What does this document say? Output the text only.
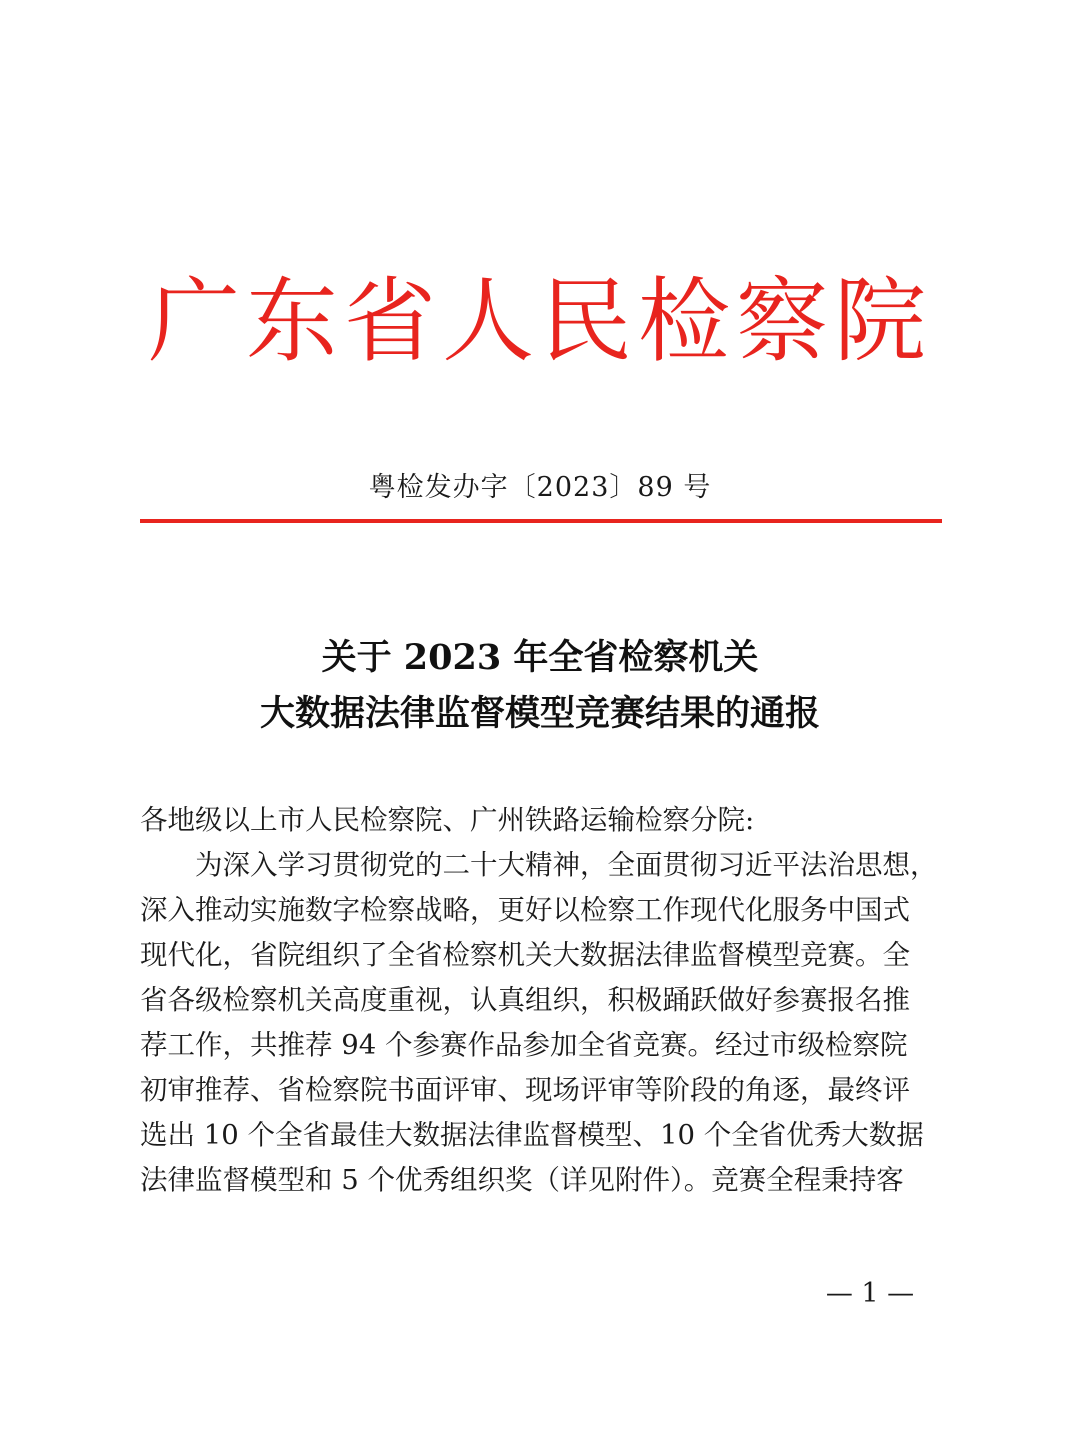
广东省人民检察院
粤检发办字〔2023〕89 号
关于 2023 年全省检察机关
大数据法律监督模型竞赛结果的通报
各地级以上市人民检察院、广州铁路运输检察分院:
　　为深入学习贯彻党的二十大精神，全面贯彻习近平法治思想，
深入推动实施数字检察战略，更好以检察工作现代化服务中国式
现代化，省院组织了全省检察机关大数据法律监督模型竞赛。全
省各级检察机关高度重视，认真组织，积极踊跃做好参赛报名推
荐工作，共推荐 94 个参赛作品参加全省竞赛。经过市级检察院
初审推荐、省检察院书面评审、现场评审等阶段的角逐，最终评
选出 10 个全省最佳大数据法律监督模型、10 个全省优秀大数据
法律监督模型和 5 个优秀组织奖（详见附件）。竞赛全程秉持客
— 1 —
